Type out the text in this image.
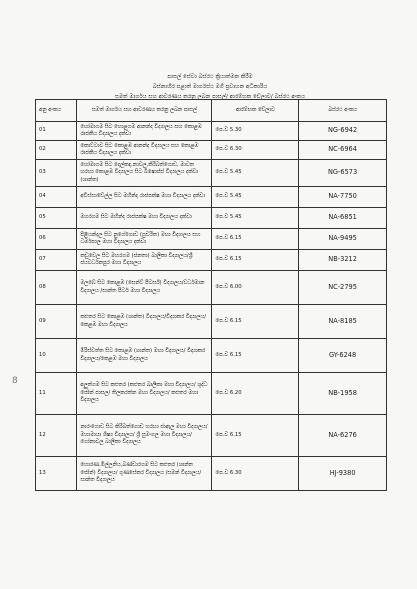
පාසල් සේවා බස්රථ ක්‍රියාත්මක කිරීම
බස්නාහිර පළාත් මාර්ගස්ථ මගී ප්‍රවාහන අධිකාරිය
සමත් මාර්ගය සහ ආවරණය කරනු ලබන පාසල්/ ආරම්භක වේලාව/ බස්රථ අංකය
8
අනු අංකය	සමත් මාර්ගය සහ ආවරණය කරනු ලබන පාසල්	ආරම්භක වේලාව	බස්රථ අංකය
01	හෝමාගම සිට හොළගම ආනන්ද විද්‍යාලය සහ කොළඹ රාජකීය විද්‍යාලය දක්වා	පෙ.ව 5.30	NG-6942
02	කොට්ටාව සිට කොළඹ ආනන්ද විද්‍යාලය සහ කොළඹ රාජකීය විද්‍යාලය දක්වා	පෙ.ව 6.30	NC-6964
03	හෝමාගම සිට දෙල්කඳ,නාවල,කිරිබත්ගොඩ, මාවත හරහා කොළඹ විද්‍යාලය සිට බිෂොප්ස් විද්‍යාලය දක්වා (ශාන්ත)	පෙ.ව 5.45	NG-6573
04	අවිස්සාවේල්ල සිට මහින්ද රාජපක්ෂ මහා විද්‍යාලය දක්වා	පෙ.ව 5.45	NA-7750
05	මහරගම සිට මහින්ද රාජපක්ෂ මහා විද්‍යාලය දක්වා	පෙ.ව 5.45	NA-6851
06	පිළියන්දල සිට නුගේගොඩ (සුචරිත) මහා විද්‍යාලය සහ ධර්මපාල මහා විද්‍යාලය දක්වා	පෙ.ව 6.15	NA-9495
07	කඩුවෙල සිට මහරගම (ජනතා) බාලිකා විද්‍යාලය/ශ්‍රී ජයවර්ධනපුර මහා විද්‍යාලය	පෙ.ව 6.15	NB-3212
08	මලබේ සිට කොළඹ (සෙන්ට් පීටර්ස්) විද්‍යාලය/වර්ධමාන විද්‍යාලය /සාන්ත පීටර් මහා විද්‍යාලය	පෙ.ව 6.00	NC-2795
09	කළුතර සිට කොළඹ (ශාන්ත) විද්‍යාලය/විද්‍යාකර විද්‍යාලය/කෙළඹ මහා විද්‍යාලය	පෙ.ව 6.15	NA-8185
10	මිරිස්වත්ත සිට කොළඹ (ශාන්ත) මහා විද්‍යාලය/ විද්‍යාකර විද්‍යාලය/කෙළඹ මහා විද්‍යාලය	පෙ.ව 6.15	GY-6248
11	අලුත්ගම සිට කළුතර (කළුතර බාලිකා මහා විද්‍යාලය/ ශුද්ධ ජෝන් පාසල/ තිලකරත්න මහා විද්‍යාලය/ කළුතර මහා විද්‍යාලය	පෙ.ව 6.20	NB-1958
12	නාරංගොඩ සිට කිරිබත්ගොඩ හරහා ජාඇල මහා විද්‍යාලය/ මහාමායා ශිෂ්‍ය විද්‍යාලය/ ශ්‍රී සුමංගල මහා විද්‍යාලය/ ගෝනාවල බාලිකා විද්‍යාලය	පෙ.ව 6.15	NA-6276
13	හොරණ,මිල්ලනිය,බණ්ඩාරගම සිට කළුතර (ශාන්ත ජෝන්) විද්‍යාලය/ ගුණසේකර විද්‍යාලය /සමන් විද්‍යාලය/ සාන්ත විද්‍යාලය	පෙ.ව 6.30	HJ-9380
